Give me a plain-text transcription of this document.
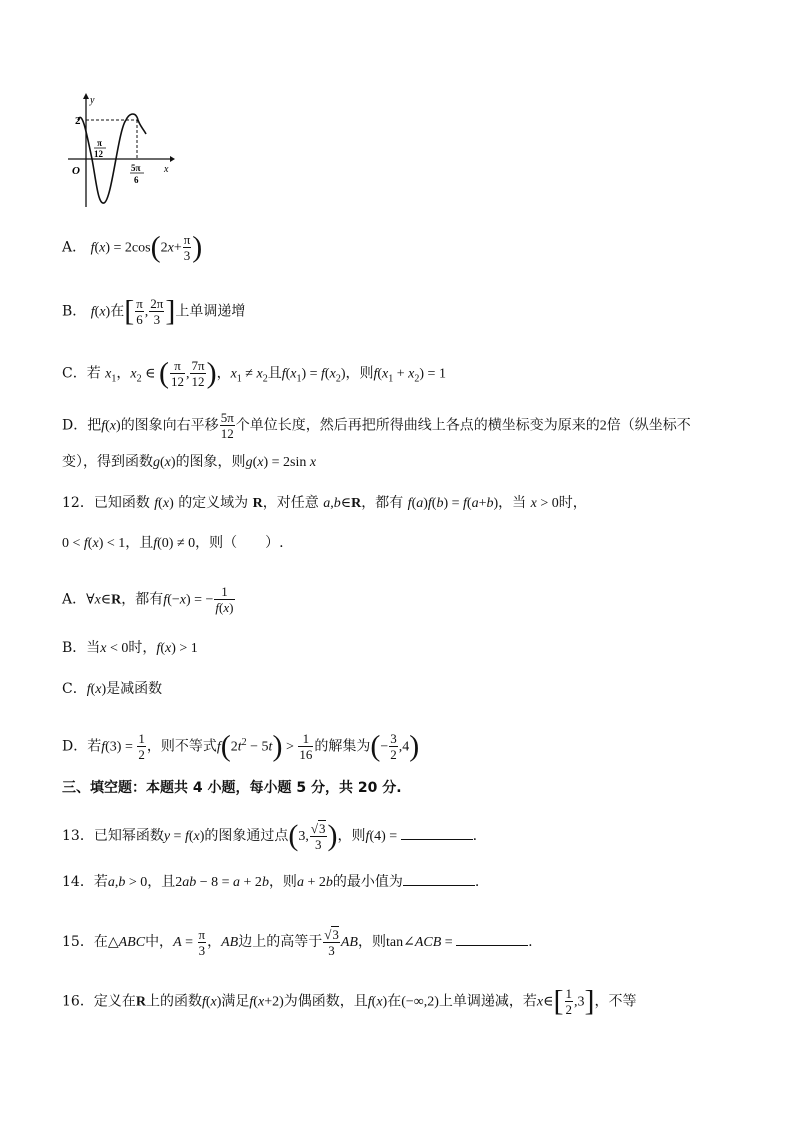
y
x
O
2
π
12
5π
6
A． $f(x) = 2\cos(2x+ \frac{\pi}{3}$ )
B． f(x)在[ $\frac{\pi}{6}$ , $\frac{2\pi}{3}$ ]上单调递增
C．若 $x_1$，$x_2$ ∈ ( $\frac{\pi}{12}$ , $\frac{7\pi}{12}$ )，$x_1 \ne x_2$且$f(x_1) = f(x_2)$，则$f(x_1 + x_2) = 1$
D．把f(x)的图象向右平移 $\frac{5\pi}{12}$ 个单位长度，然后再把所得曲线上各点的横坐标变为原来的2倍（纵坐标不
变），得到函数g(x)的图象，则g(x) = 2sin x
12．已知函数 f(x) 的定义域为 R，对任意 a,b∈R，都有 f(a)f(b) = f(a+b)，当 x > 0时，
0 < f(x) < 1，且f(0) ≠ 0，则（　　）.
A．∀x∈R，都有f(−x) = − $\frac{1}{f(x)}$
B．当x < 0时，f(x) > 1
C．f(x)是减函数
D．若$f(3) = \frac{1}{2}$ ，则不等式$f(2t^2 - 5t) > \frac{1}{16}$ 的解集为(− $\frac{3}{2} ,4$)
三、填空题：本题共 4 小题，每小题 5 分，共 20 分.
13．已知幂函数y = f(x)的图象通过点(3, $\frac{√3}{3}$ )，则f(4) =	.
14．若a,b > 0，且2ab − 8 = a + 2b，则a + 2b的最小值为	.
15．在△ABC中，$A = \frac{\pi}{3}$ ，AB边上的高等于 $\frac{√3}{3}$ AB，则tan∠ACB =	.
16．定义在R上的函数f(x)满足f(x+2)为偶函数，且f(x)在(−∞,2)上单调递减，若x∈[ $\frac{1}{2} ,3$]，不等
